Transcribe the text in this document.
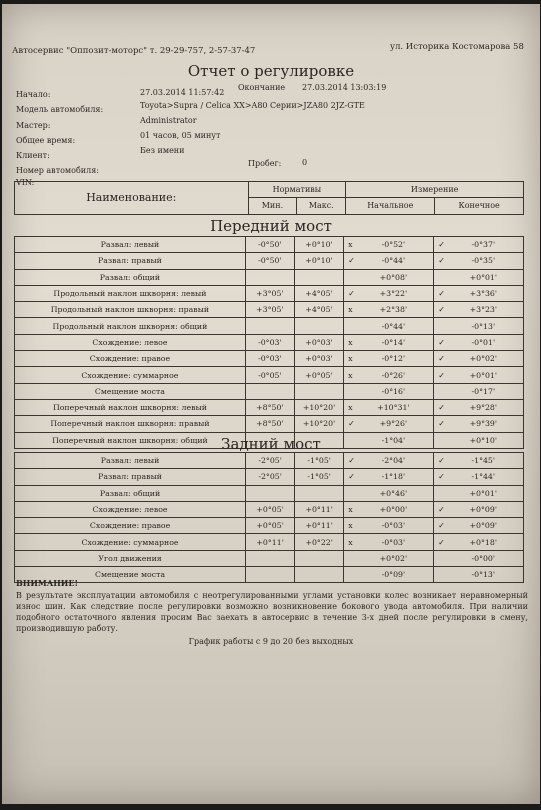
Автосервис "Оппозит-моторс" т. 29-29-757, 2-57-37-47	ул. Историка Костомарова 58
Отчет о регулировке
Начало:	27.03.2014 11:57:42
Окончание 27.03.2014 13:03:19
Модель автомобиля:	Toyota>Supra / Celica XX>A80 Серии>JZA80 2JZ-GTE
Мастер:
Administrator
Общее время:
01 часов, 05 минут
Клиент:
Без имени
Номер автомобиля:
Пробег:	0
VIN:
Наименование:	Нормативы		Измерение	
	Мин.	Макс.	Начальное	Конечное
Передний мост
Развал: левый	-0°50'	+0°10'	x -0°52'	✓ -0°37'
Развал: правый	-0°50'	+0°10'	✓ -0°44'	✓ -0°35'
Развал: общий			+0°08'	+0°01'
Продольный наклон шкворня: левый	+3°05'	+4°05'	✓ +3°22'	✓ +3°36'
Продольный наклон шкворня: правый	+3°05'	+4°05'	x +2°38'	✓ +3°23'
Продольный наклон шкворня: общий			-0°44'	-0°13'
Схождение: левое	-0°03'	+0°03'	x -0°14'	✓ -0°01'
Схождение: правое	-0°03'	+0°03'	x -0°12'	✓ +0°02'
Схождение: суммарное	-0°05'	+0°05'	x -0°26'	✓ +0°01'
Смещение моста			-0°16'	-0°17'
Поперечный наклон шкворня: левый	+8°50'	+10°20'	x +10°31'	✓ +9°28'
Поперечный наклон шкворня: правый	+8°50'	+10°20'	✓ +9°26'	✓ +9°39'
Поперечный наклон шкворня: общий			-1°04'	+0°10'
Задний мост
Развал: левый	-2°05'	-1°05'	✓ -2°04'	✓ -1°45'
Развал: правый	-2°05'	-1°05'	✓ -1°18'	✓ -1°44'
Развал: общий			+0°46'	+0°01'
Схождение: левое	+0°05'	+0°11'	x +0°00'	✓ +0°09'
Схождение: правое	+0°05'	+0°11'	x -0°03'	✓ +0°09'
Схождение: суммарное	+0°11'	+0°22'	x -0°03'	✓ +0°18'
Угол движения			+0°02'	-0°00'
Смещение моста			-0°09'	-0°13'
ВНИМАНИЕ!
В результате эксплуатации автомобиля с неотрегулированными углами установки колес возникает неравномерный износ шин. Как следствие после регулировки возможно возникновение бокового увода автомобиля. При наличии подобного остаточного явления просим Вас заехать в автосервис в течение 3-х дней после регулировки в смену, производившую работу.
График работы с 9 до 20 без выходных
